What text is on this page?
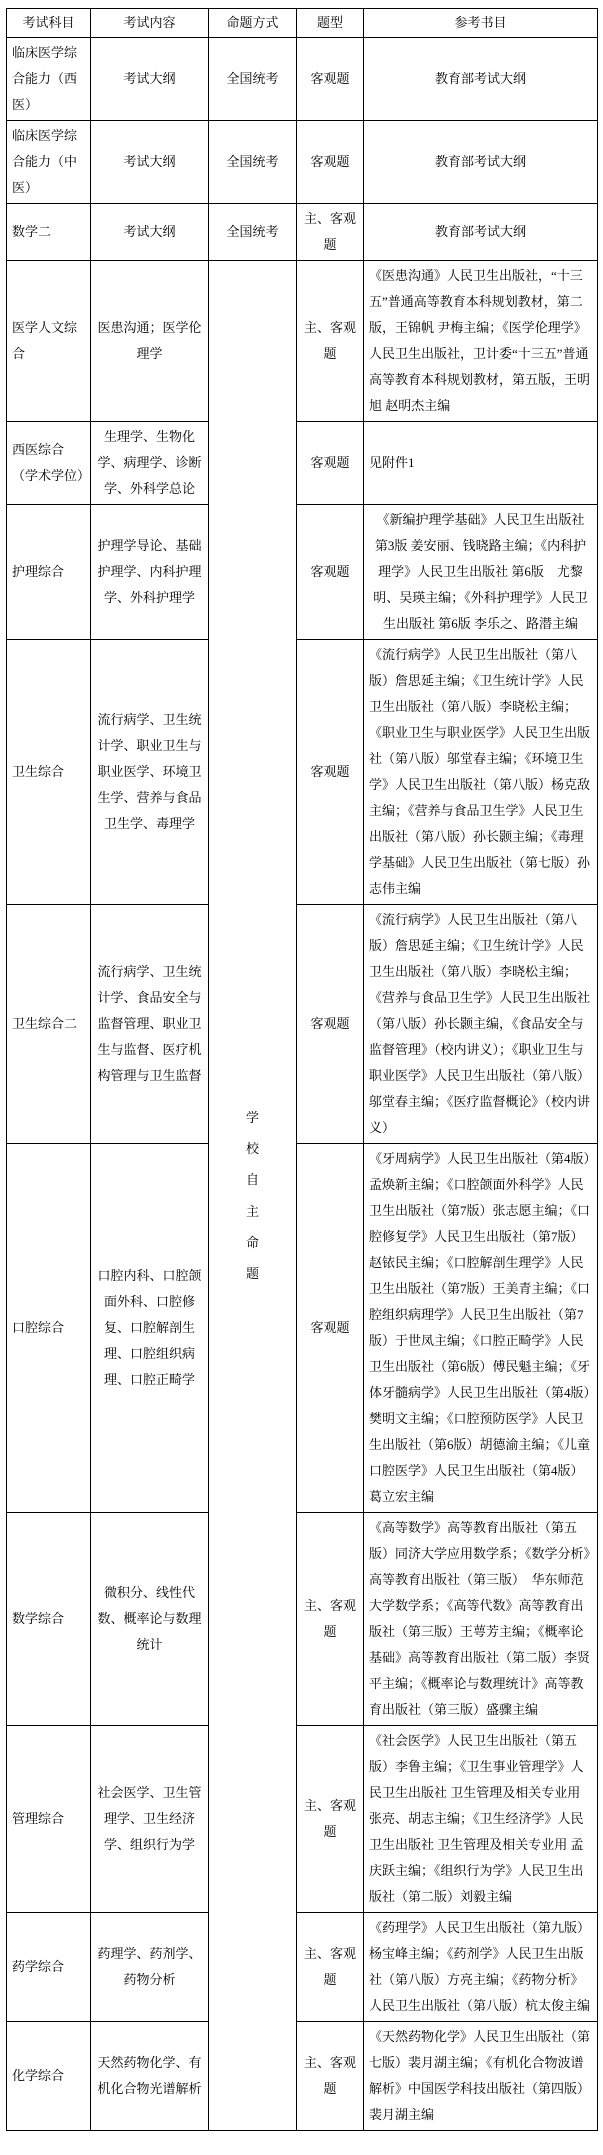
考试科目	考试内容	命题方式	题型	参考书目
临床医学综合能力（西医）	考试大纲	全国统考	客观题	教育部考试大纲
临床医学综合能力（中医）	考试大纲	全国统考	客观题	教育部考试大纲
数学二	考试大纲	全国统考	主、客观题	教育部考试大纲
医学人文综合	医患沟通；医学伦理学	学校自主命题	主、客观题	《医患沟通》人民卫生出版社，“十三五”普通高等教育本科规划教材，第二版，王锦帆 尹梅主编；《医学伦理学》人民卫生出版社，卫计委“十三五”普通高等教育本科规划教材，第五版，王明旭 赵明杰主编
西医综合（学术学位）	生理学、生物化学、病理学、诊断学、外科学总论		客观题	见附件1
护理综合	护理学导论、基础护理学、内科护理学、外科护理学		客观题	《新编护理学基础》人民卫生出版社 第3版 姜安丽、钱晓路主编；《内科护理学》人民卫生出版社 第6版　尤黎明、吴瑛主编；《外科护理学》人民卫生出版社 第6版 李乐之、路潜主编
卫生综合	流行病学、卫生统计学、职业卫生与职业医学、环境卫生学、营养与食品卫生学、毒理学		客观题	《流行病学》人民卫生出版社（第八版）詹思延主编；《卫生统计学》人民卫生出版社（第八版）李晓松主编；《职业卫生与职业医学》人民卫生出版社（第八版）邬堂春主编；《环境卫生学》人民卫生出版社（第八版）杨克敌主编；《营养与食品卫生学》人民卫生出版社（第八版）孙长颢主编；《毒理学基础》人民卫生出版社（第七版）孙志伟主编
卫生综合二	流行病学、卫生统计学、食品安全与监督管理、职业卫生与监督、医疗机构管理与卫生监督		客观题	《流行病学》人民卫生出版社（第八版）詹思延主编；《卫生统计学》人民卫生出版社（第八版）李晓松主编；《营养与食品卫生学》人民卫生出版社（第八版）孙长颢主编，《食品安全与监督管理》（校内讲义）；《职业卫生与职业医学》人民卫生出版社（第八版）邬堂春主编；《医疗监督概论》（校内讲义）
口腔综合	口腔内科、口腔颌面外科、口腔修复、口腔解剖生理、口腔组织病理、口腔正畸学		客观题	《牙周病学》人民卫生出版社（第4版）孟焕新主编；《口腔颌面外科学》人民卫生出版社（第7版）张志愿主编；《口腔修复学》人民卫生出版社（第7版）赵铱民主编；《口腔解剖生理学》人民卫生出版社（第7版）王美青主编；《口腔组织病理学》人民卫生出版社（第7版）于世凤主编；《口腔正畸学》人民卫生出版社（第6版）傅民魁主编；《牙体牙髓病学》人民卫生出版社（第4版）樊明文主编；《口腔预防医学》人民卫生出版社（第6版）胡德渝主编；《儿童口腔医学》人民卫生出版社（第4版）葛立宏主编
数学综合	微积分、线性代数、概率论与数理统计		主、客观题	《高等数学》高等教育出版社（第五版）同济大学应用数学系；《数学分析》高等教育出版社（第三版）　华东师范大学数学系；《高等代数》高等教育出版社（第三版）王萼芳主编；《概率论基础》高等教育出版社（第二版）李贤平主编；《概率论与数理统计》高等教育出版社（第三版）盛骤主编
管理综合	社会医学、卫生管理学、卫生经济学、组织行为学		主、客观题	《社会医学》人民卫生出版社（第五版）李鲁主编；《卫生事业管理学》人民卫生出版社 卫生管理及相关专业用　张亮、胡志主编；《卫生经济学》人民卫生出版社 卫生管理及相关专业用 孟庆跃主编；《组织行为学》人民卫生出版社（第二版）刘毅主编
药学综合	药理学、药剂学、药物分析		主、客观题	《药理学》人民卫生出版社（第九版）杨宝峰主编；《药剂学》人民卫生出版社（第八版）方亮主编；《药物分析》人民卫生出版社（第八版）杭太俊主编
化学综合	天然药物化学、有机化合物光谱解析		主、客观题	《天然药物化学》人民卫生出版社（第七版）裴月湖主编；《有机化合物波谱解析》中国医学科技出版社（第四版）裴月湖主编
